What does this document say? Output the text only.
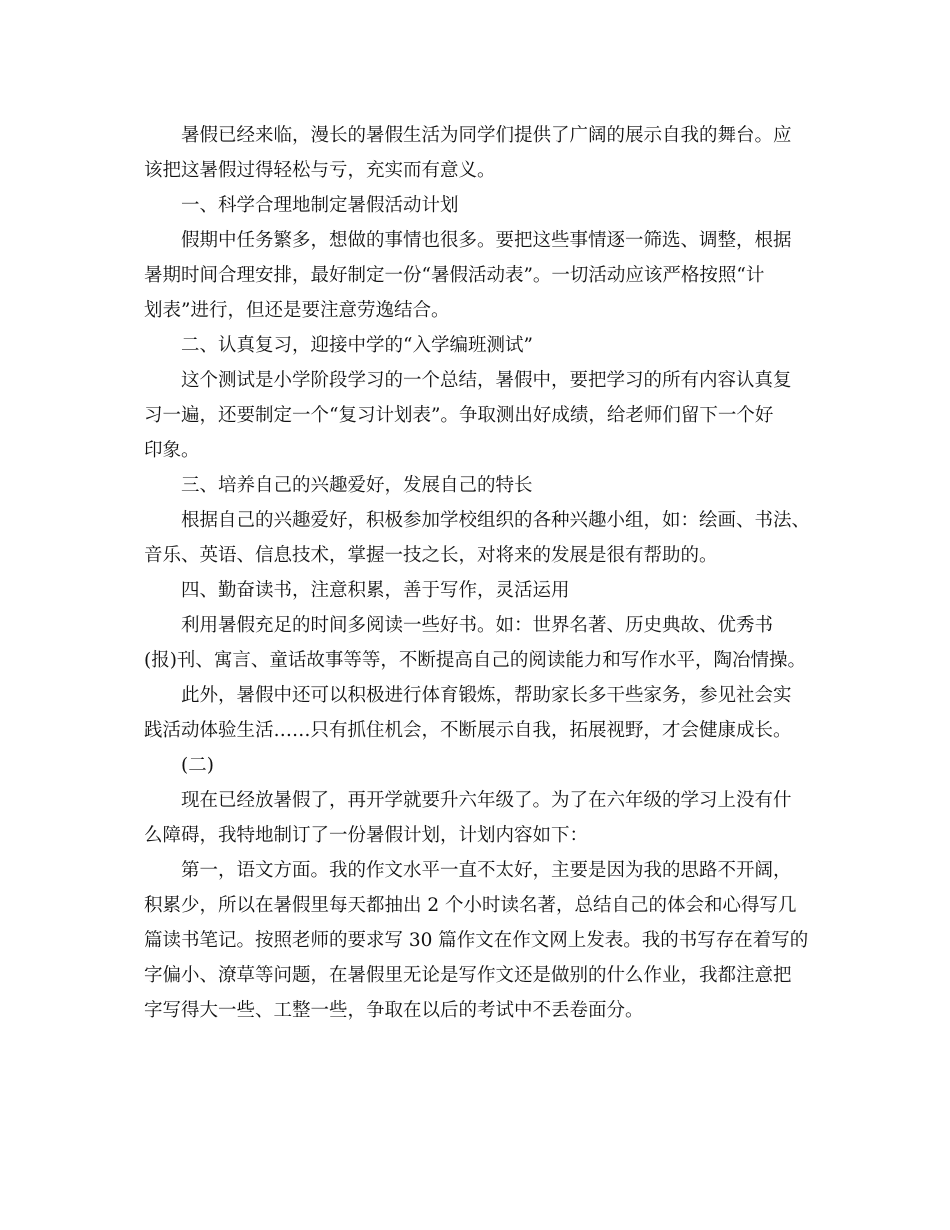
暑假已经来临，漫长的暑假生活为同学们提供了广阔的展示自我的舞台。应
该把这暑假过得轻松与亏，充实而有意义。
一、科学合理地制定暑假活动计划
假期中任务繁多，想做的事情也很多。要把这些事情逐一筛选、调整，根据
暑期时间合理安排，最好制定一份“暑假活动表”。一切活动应该严格按照“计
划表”进行，但还是要注意劳逸结合。
二、认真复习，迎接中学的“入学编班测试”
这个测试是小学阶段学习的一个总结，暑假中，要把学习的所有内容认真复
习一遍，还要制定一个“复习计划表”。争取测出好成绩，给老师们留下一个好
印象。
三、培养自己的兴趣爱好，发展自己的特长
根据自己的兴趣爱好，积极参加学校组织的各种兴趣小组，如：绘画、书法、
音乐、英语、信息技术，掌握一技之长，对将来的发展是很有帮助的。
四、勤奋读书，注意积累，善于写作，灵活运用
利用暑假充足的时间多阅读一些好书。如：世界名著、历史典故、优秀书
(报)刊、寓言、童话故事等等，不断提高自己的阅读能力和写作水平，陶冶情操。
此外，暑假中还可以积极进行体育锻炼，帮助家长多干些家务，参见社会实
践活动体验生活……只有抓住机会，不断展示自我，拓展视野，才会健康成长。
(二)
现在已经放暑假了，再开学就要升六年级了。为了在六年级的学习上没有什
么障碍，我特地制订了一份暑假计划，计划内容如下：
第一，语文方面。我的作文水平一直不太好，主要是因为我的思路不开阔，
积累少，所以在暑假里每天都抽出 2 个小时读名著，总结自己的体会和心得写几
篇读书笔记。按照老师的要求写 30 篇作文在作文网上发表。我的书写存在着写的
字偏小、潦草等问题，在暑假里无论是写作文还是做别的什么作业，我都注意把
字写得大一些、工整一些，争取在以后的考试中不丢卷面分。
